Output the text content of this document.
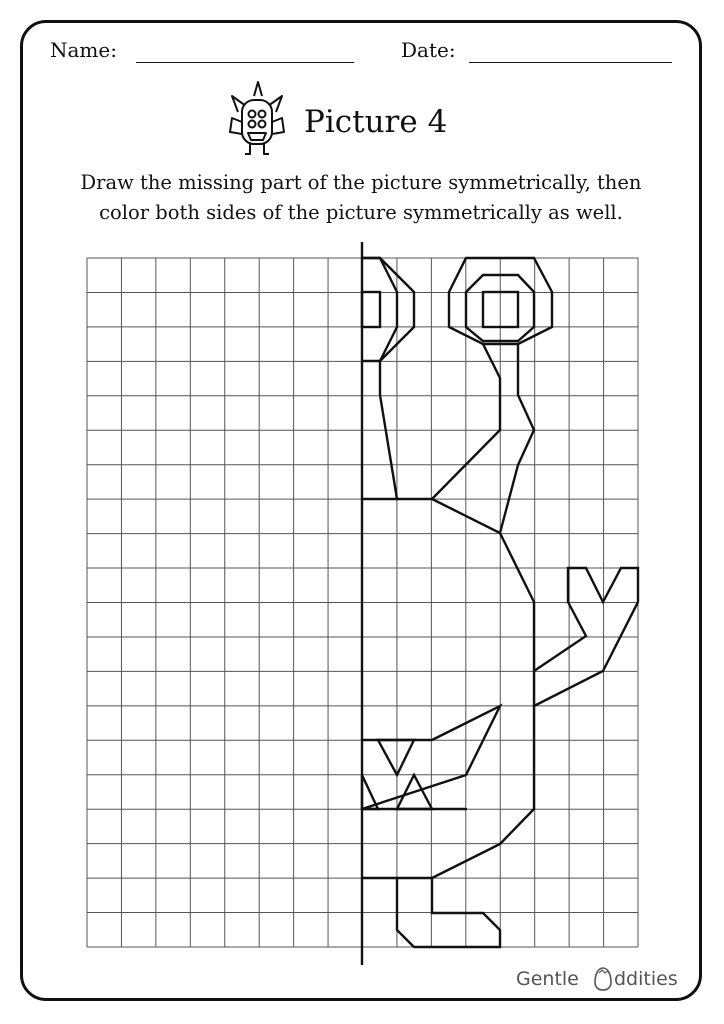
Name:	Date:
Picture 4
Draw the missing part of the picture symmetrically, then
color both sides of the picture symmetrically as well.
Gentle ddities
